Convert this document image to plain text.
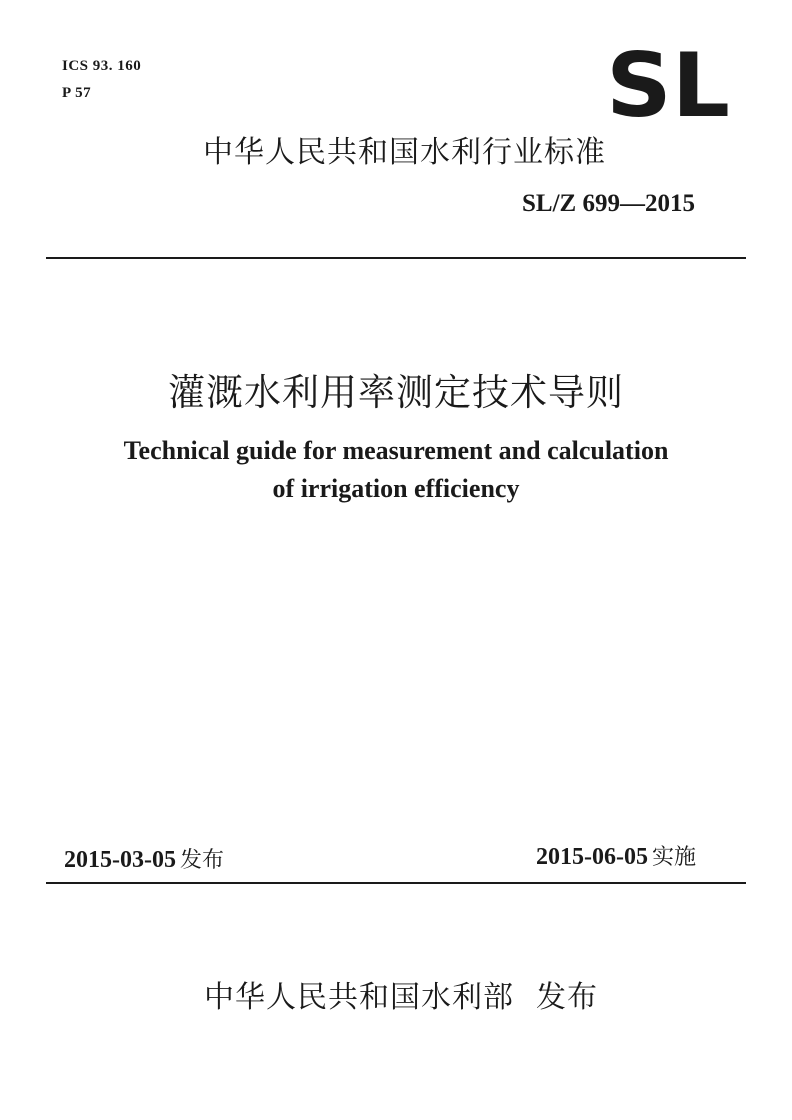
ICS 93. 160
P 57	SL
中华人民共和国水利行业标准
SL/Z 699—2015
灌溉水利用率测定技术导则
Technical guide for measurement and calculation
of irrigation efficiency
2015-03-05 发布	2015-06-05 实施
中华人民共和国水利部 发布
